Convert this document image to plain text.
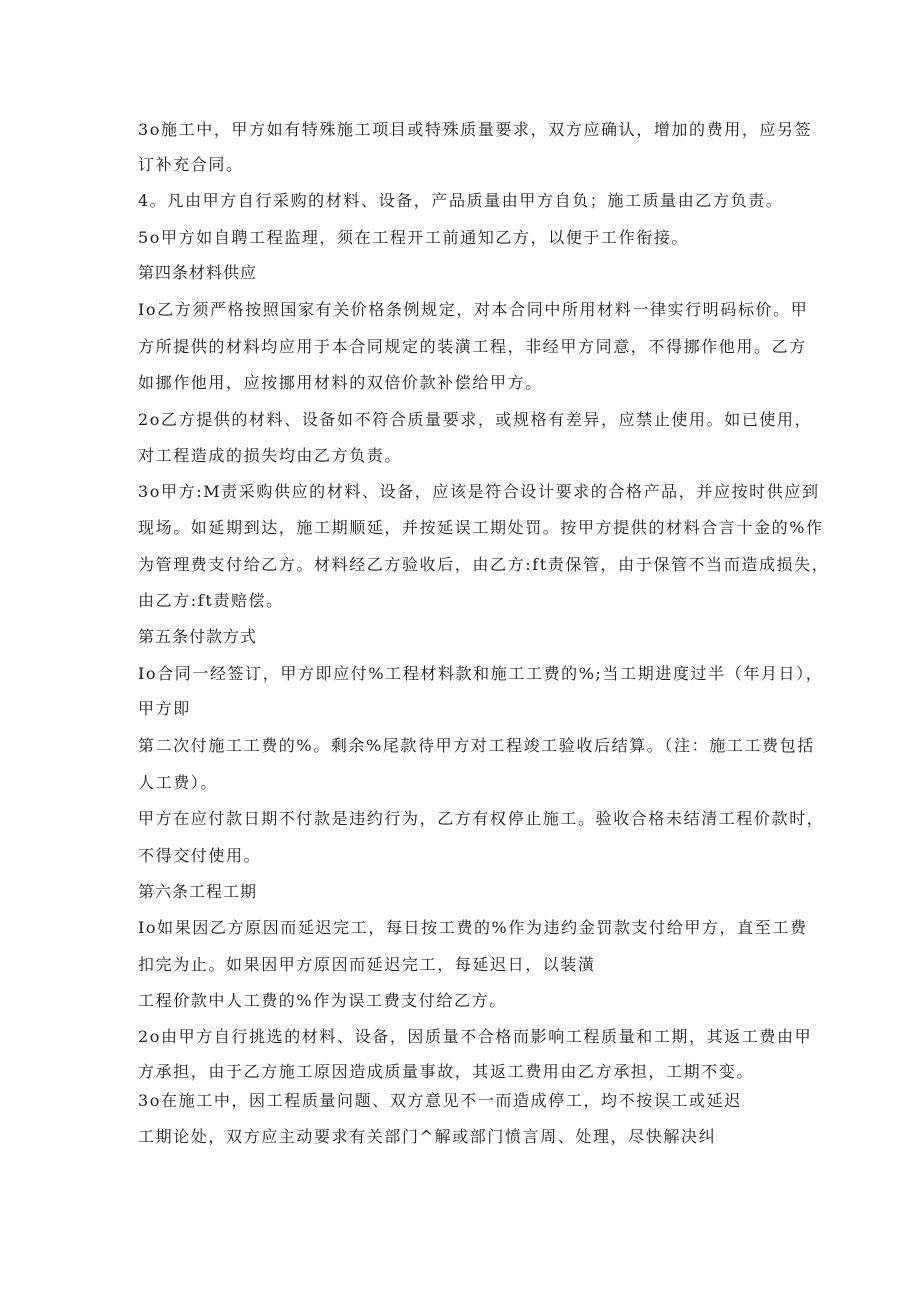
3o施工中，甲方如有特殊施工项目或特殊质量要求，双方应确认，增加的费用，应另签
订补充合同。
4。凡由甲方自行采购的材料、设备，产品质量由甲方自负；施工质量由乙方负责。
5o甲方如自聘工程监理，须在工程开工前通知乙方，以便于工作衔接。
第四条材料供应
Io乙方须严格按照国家有关价格条例规定，对本合同中所用材料一律实行明码标价。甲
方所提供的材料均应用于本合同规定的装潢工程，非经甲方同意，不得挪作他用。乙方
如挪作他用，应按挪用材料的双倍价款补偿给甲方。
2o乙方提供的材料、设备如不符合质量要求，或规格有差异，应禁止使用。如已使用，
对工程造成的损失均由乙方负责。
3o甲方:M责采购供应的材料、设备，应该是符合设计要求的合格产品，并应按时供应到
现场。如延期到达，施工期顺延，并按延误工期处罚。按甲方提供的材料合言十金的%作
为管理费支付给乙方。材料经乙方验收后，由乙方:ft责保管，由于保管不当而造成损失，
由乙方:ft责赔偿。
第五条付款方式
Io合同一经签订，甲方即应付%工程材料款和施工工费的%;当工期进度过半（年月日），
甲方即
第二次付施工工费的%。剩余%尾款待甲方对工程竣工验收后结算。（注：施工工费包括
人工费）。
甲方在应付款日期不付款是违约行为，乙方有权停止施工。验收合格未结清工程价款时，
不得交付使用。
第六条工程工期
Io如果因乙方原因而延迟完工，每日按工费的%作为违约金罚款支付给甲方，直至工费
扣完为止。如果因甲方原因而延迟完工，每延迟日，以装潢
工程价款中人工费的%作为误工费支付给乙方。
2o由甲方自行挑选的材料、设备，因质量不合格而影响工程质量和工期，其返工费由甲
方承担，由于乙方施工原因造成质量事故，其返工费用由乙方承担，工期不变。
3o在施工中，因工程质量问题、双方意见不一而造成停工，均不按误工或延迟
工期论处，双方应主动要求有关部门^解或部门愤言周、处理，尽快解决纠
